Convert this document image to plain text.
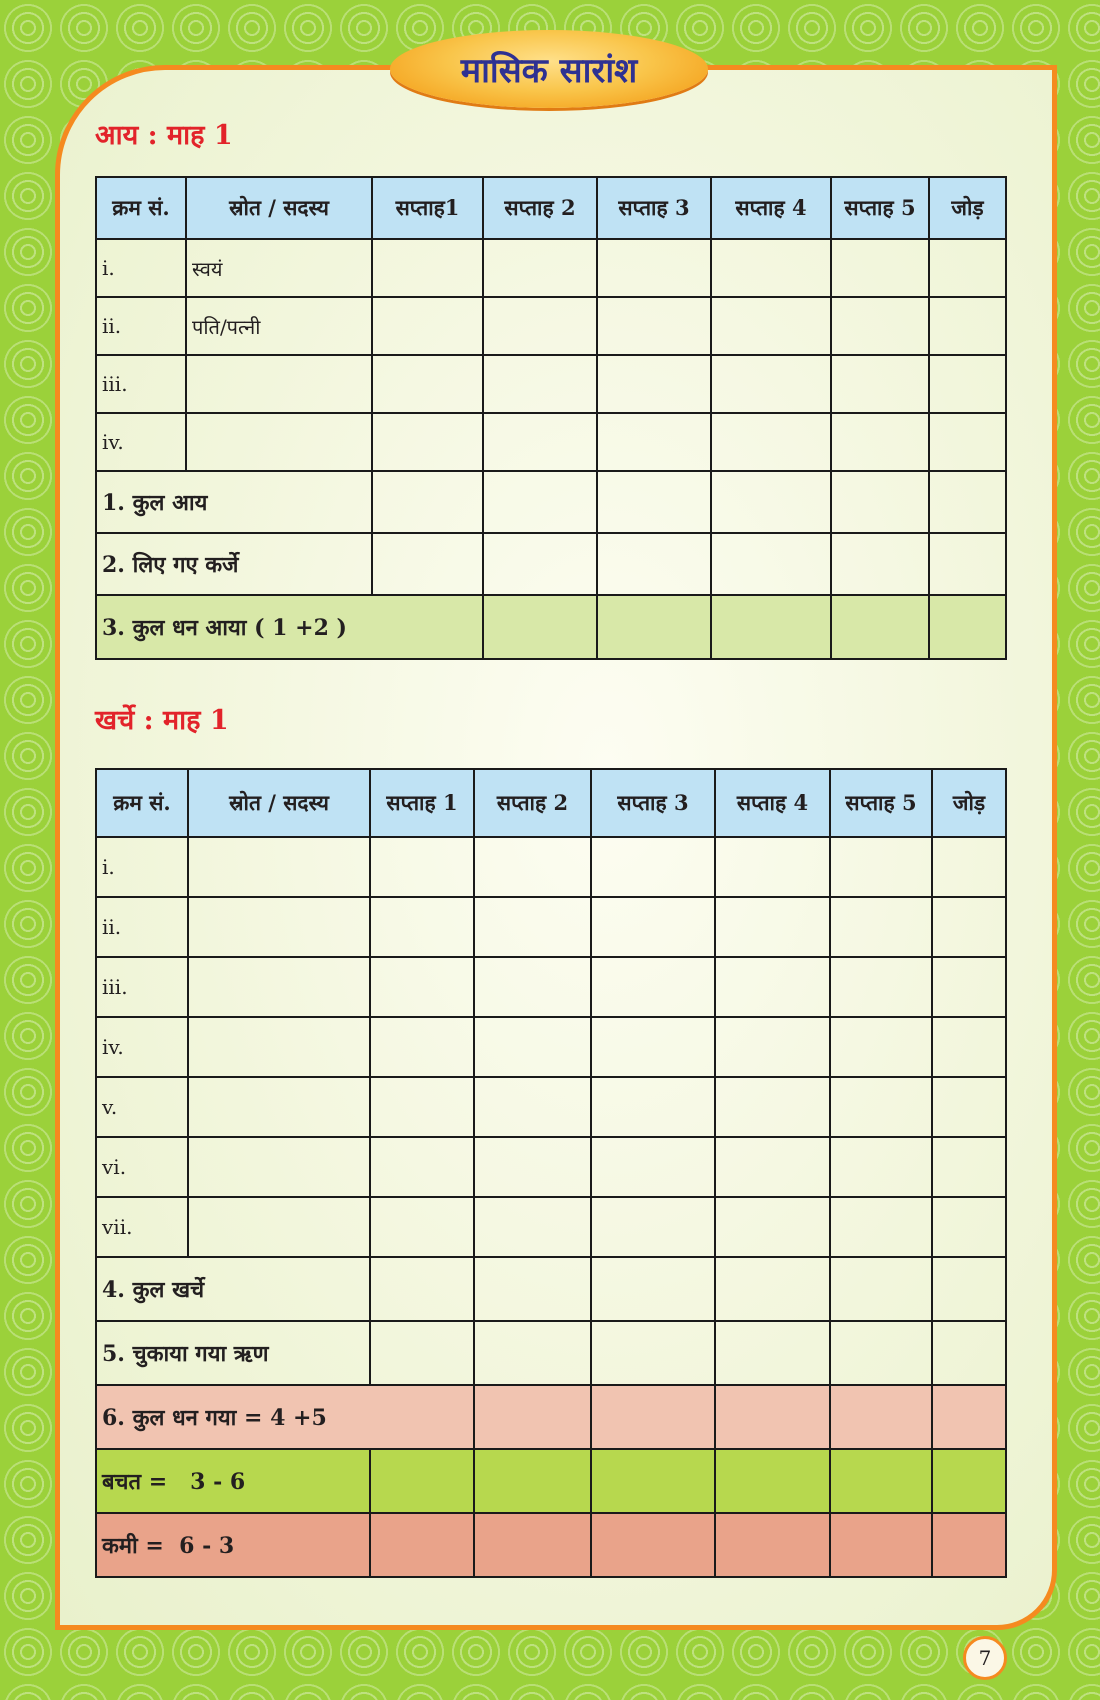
मासिक सारांश
आय : माह 1
क्रम सं.	स्रोत / सदस्य	सप्ताह1	सप्ताह 2	सप्ताह 3	सप्ताह 4	सप्ताह 5	जोड़
i.	स्वयं						
ii.	पति/पत्नी						
iii.							
iv.							
1. कुल आय							
2. लिए गए कर्जे							
3. कुल धन आया ( 1 +2 )							
खर्चे : माह 1
क्रम सं.	स्रोत / सदस्य	सप्ताह 1	सप्ताह 2	सप्ताह 3	सप्ताह 4	सप्ताह 5	जोड़
i.							
ii.							
iii.							
iv.							
v.							
vi.							
vii.							
4. कुल खर्चे							
5. चुकाया गया ऋण							
6. कुल धन गया = 4 +5							
बचत =   3 - 6							
कमी =  6 - 3							
7
